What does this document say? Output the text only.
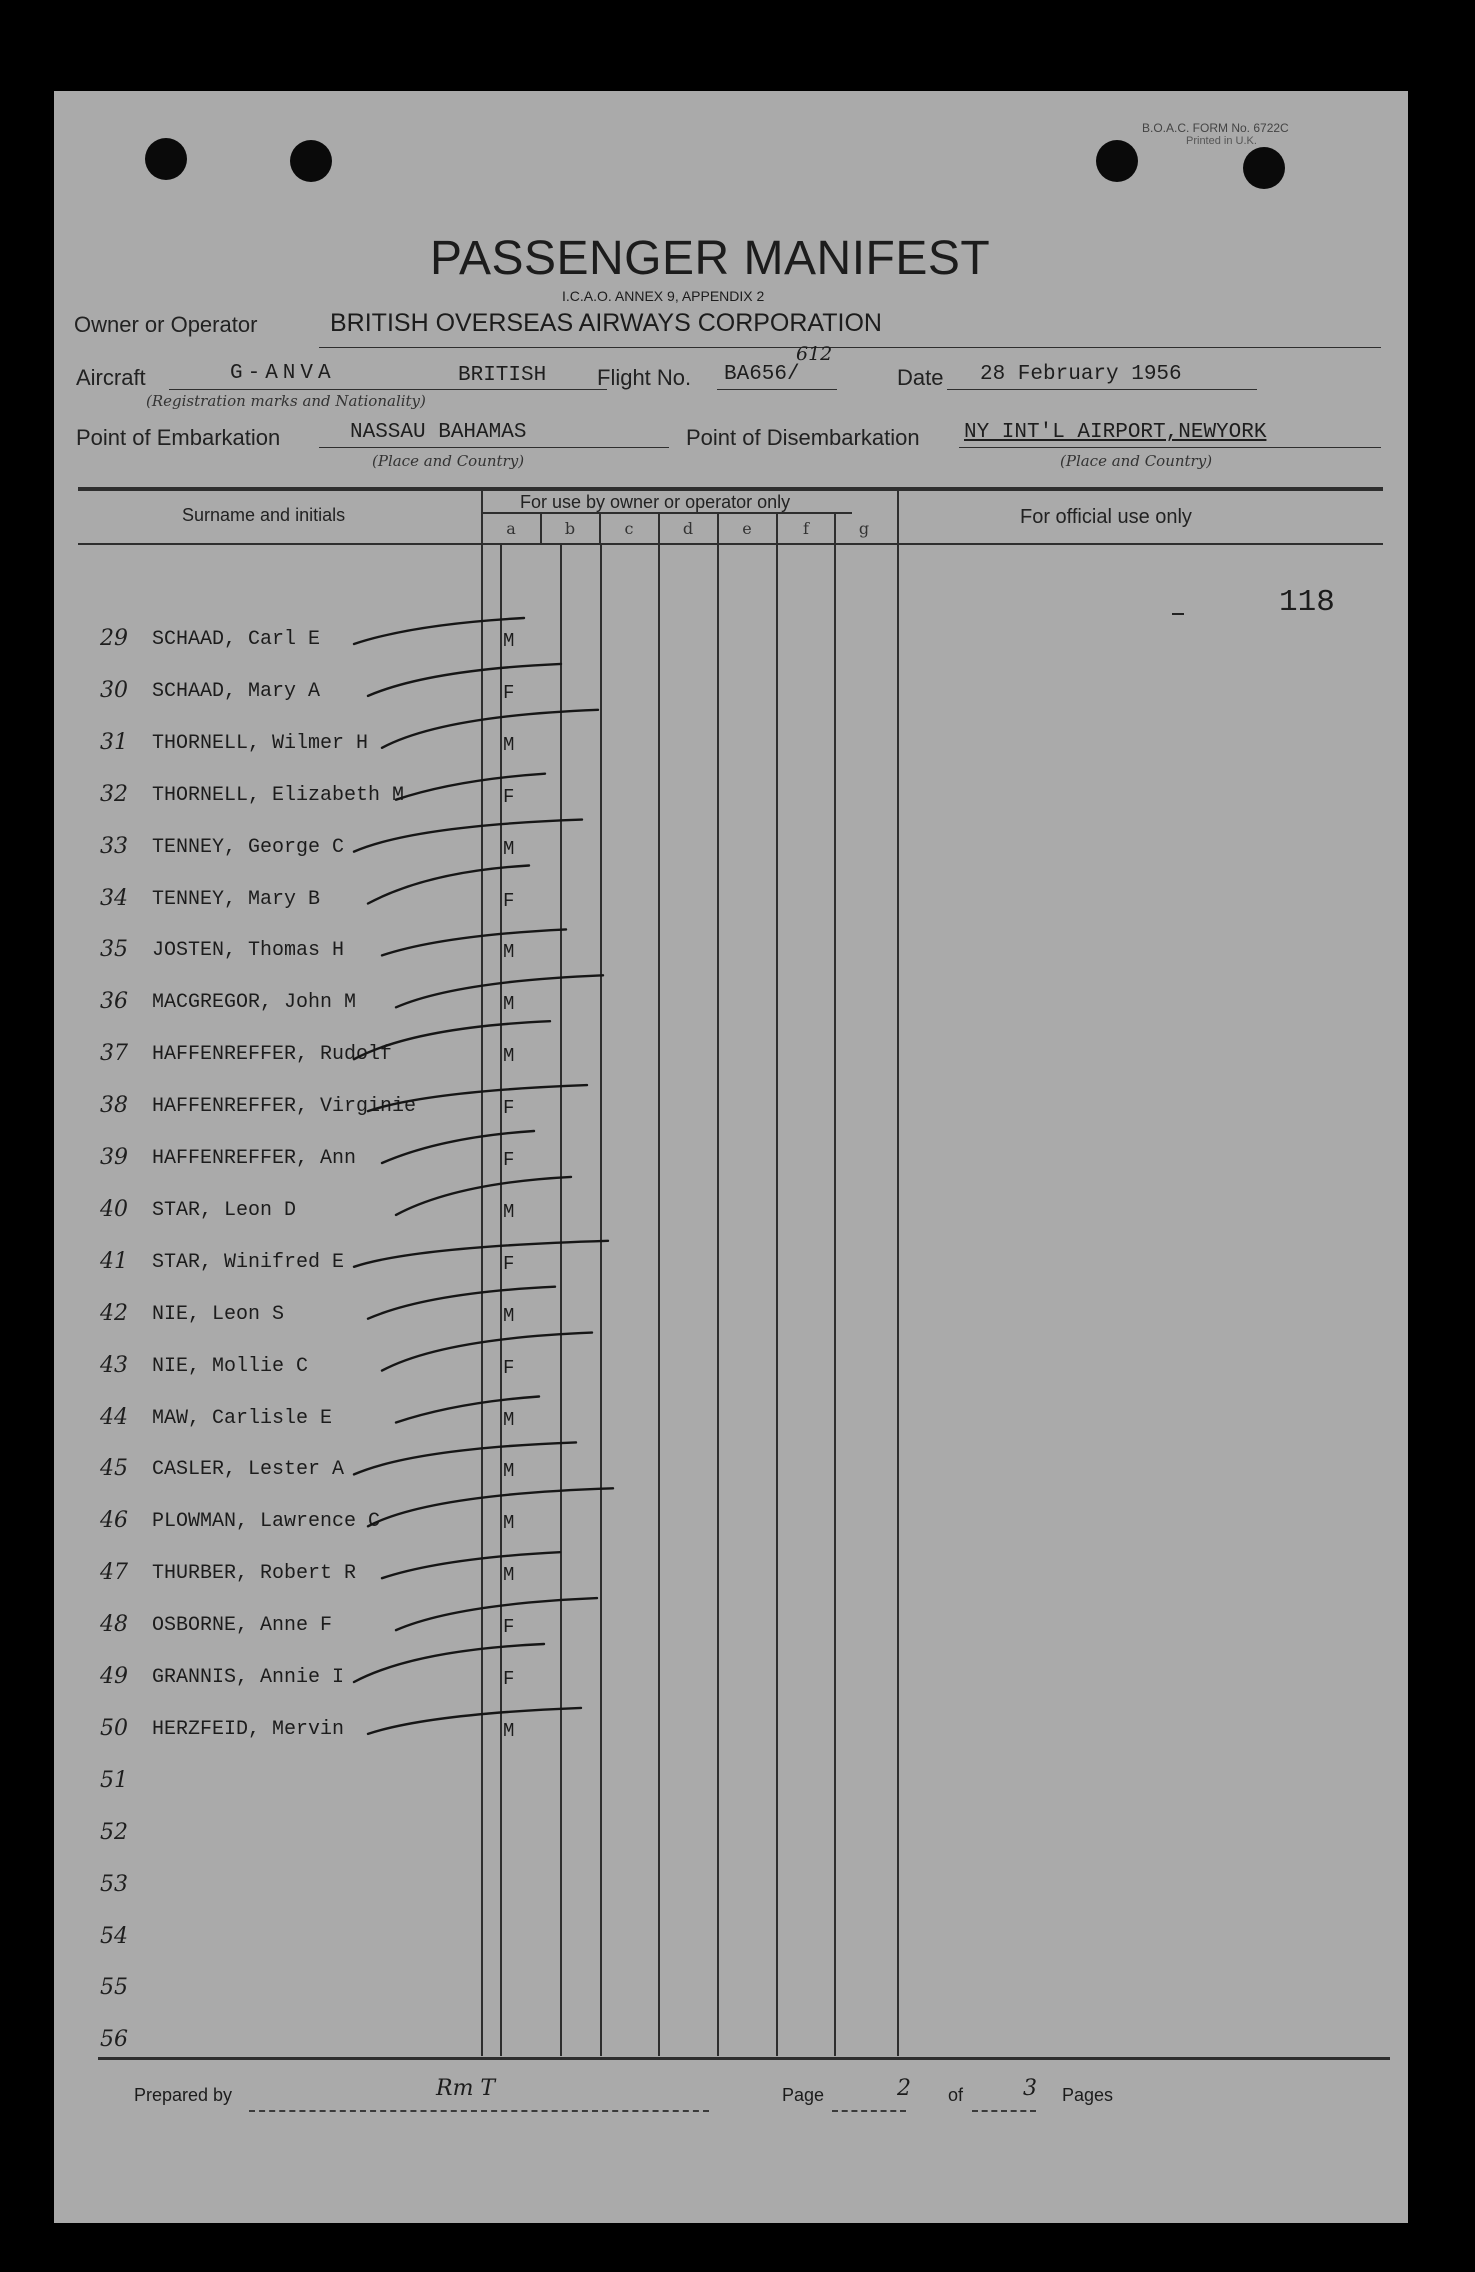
B.O.A.C. FORM No. 6722C
Printed in U.K.
PASSENGER MANIFEST
I.C.A.O. ANNEX 9, APPENDIX 2
Owner or Operator	BRITISH OVERSEAS AIRWAYS CORPORATION
Aircraft	G-ANVA	BRITISH
(Registration marks and Nationality)
Flight No. BA656/
612
Date 28 February 1956
Point of Embarkation	NASSAU BAHAMAS
(Place and Country)
Point of Disembarkation NY INT'L AIRPORT,NEWYORK
(Place and Country)
Surname and initials
For use by owner or operator only
For official use only
a	b	c	d	e	f	g
118
29 SCHAAD, Carl E	M
30 SCHAAD, Mary A	F
31 THORNELL, Wilmer H	M
32 THORNELL, Elizabeth M	F
33 TENNEY, George C	M
34 TENNEY, Mary B	F
35 JOSTEN, Thomas H	M
36 MACGREGOR, John M	M
37 HAFFENREFFER, Rudolf	M
38 HAFFENREFFER, Virginie	F
39 HAFFENREFFER, Ann	F
40 STAR, Leon D	M
41 STAR, Winifred E	F
42 NIE, Leon S	M
43 NIE, Mollie C	F
44 MAW, Carlisle E	M
45 CASLER, Lester A	M
46 PLOWMAN, Lawrence C	M
47 THURBER, Robert R	M
48 OSBORNE, Anne F	F
49 GRANNIS, Annie I	F
50 HERZFEID, Mervin	M
51
52
53
54
55
56
Prepared by	Rm T	Page	2 of	3 Pages
